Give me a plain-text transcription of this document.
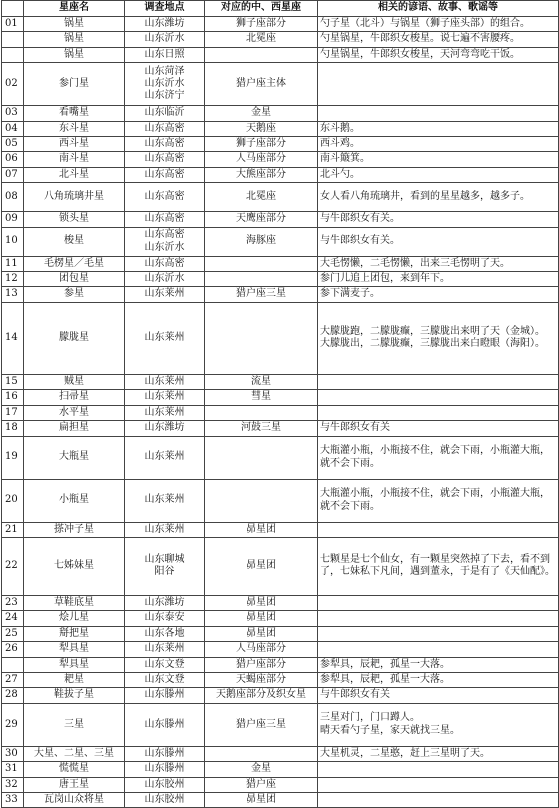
	星座名	调查地点	对应的中、西星座	相关的谚语、故事、歌谣等
01	锅星	山东潍坊	狮子座部分	勺子星（北斗）与锅星（狮子座头部）的组合。

	锅星	山东沂水	北冕座	勺星锅星，牛郎织女梭星。说七遍不害腰疼。

	锅星	山东日照		勺星锅星，牛郎织女梭星，天河弯弯吃干饭。

02	参门星	山东菏泽
山东沂水
山东济宁	猎户座主体	

03	看嘴星	山东临沂	金星	

04	东斗星	山东高密	天鹅座	东斗鹅。

05	西斗星	山东高密	狮子座部分	西斗鸡。

06	南斗星	山东高密	人马座部分	南斗簸箕。

07	北斗星	山东高密	大熊座部分	北斗勺。

08	八角琉璃井星	山东高密	北冕座	女人看八角琉璃井，看到的星星越多，越多子。

09	锁头星	山东高密	天鹰座部分	与牛郎织女有关。

10	梭星	山东高密
山东沂水	海豚座	与牛郎织女有关。

11	毛楞星／毛星	山东高密		大毛愣懒，二毛愣懒，出来三毛愣明了天。

12	团包星	山东沂水		参门儿追上团包，来到年下。

13	参星	山东莱州	猎户座三星	参下满麦子。

14	朦胧星	山东莱州		大朦胧跑，二朦胧癫，三朦胧出来明了天（金城）。
大朦胧出，二朦胧癫，三朦胧出来白瞪眼（海阳）。

15	贼星	山东莱州	流星	

16	扫帚星	山东莱州	彗星	

17	水平星	山东莱州		

18	扁担星	山东潍坊	河鼓三星	与牛郎织女有关

19	大瓶星	山东莱州		大瓶灌小瓶，小瓶接不住，就会下雨，小瓶灌大瓶，就不会下雨。

20	小瓶星	山东莱州		大瓶灌小瓶，小瓶接不住，就会下雨，小瓶灌大瓶，就不会下雨。

21	搽冲子星	山东莱州	昴星团	

22	七姊妹星	山东聊城
阳谷	昴星团	七颗星是七个仙女，有一颗星突然掉了下去，看不到了，七妹私下凡间，遇到董永，于是有了《天仙配》。

23	草鞋底星	山东潍坊	昴星团	

24	烩儿星	山东泰安	昴星团	

25	搿把星	山东各地	昴星团	

26	犁具星	山东莱州	人马座部分	

	犁具星	山东文登	猎户座部分	参犁具，辰耙，孤星一大落。

27	耙星	山东文登	天蝎座部分	参犁具，辰耙，孤星一大落。

28	鞋拔子星	山东滕州	天鹅座部分及织女星	与牛郎织女有关

29	三星	山东滕州	猎户座三星	三星对门，门口蹲人。
晴天看勺子星，家天就找三星。

30	大星、二星、三星	山东滕州		大星机灵，二星憨，赶上三星明了天。

31	慌慌星	山东滕州	金星	

32	唐王星	山东胶州	猎户座	

33	瓦岗山众将星	山东胶州	昴星团	
